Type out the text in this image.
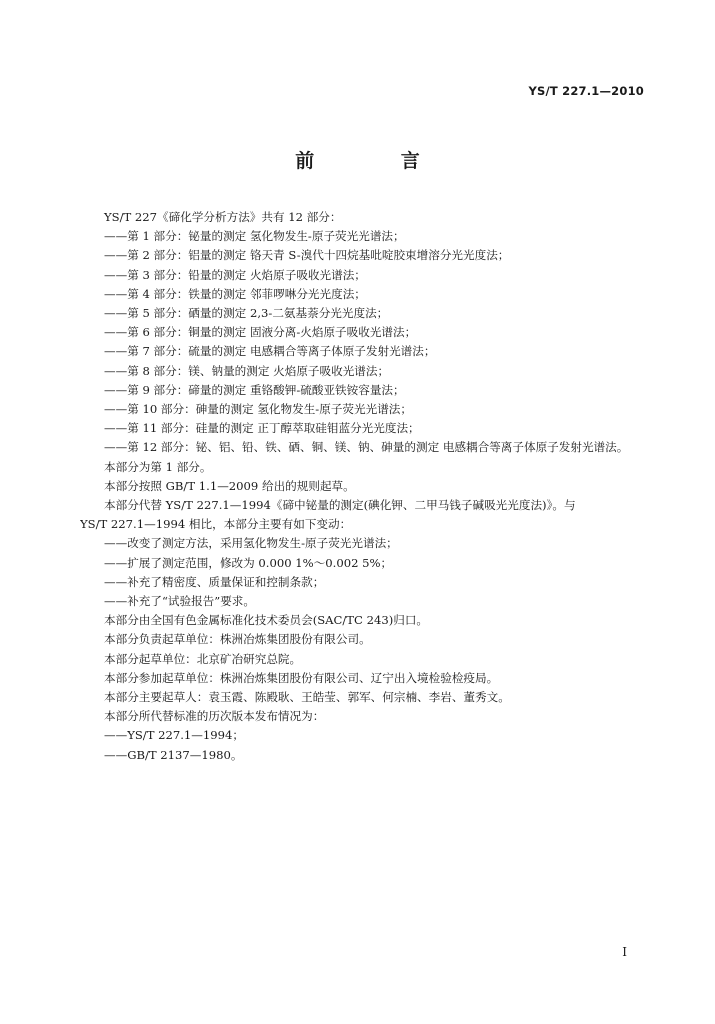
YS/T 227.1—2010
前 言
YS/T 227《碲化学分析方法》共有 12 部分：
——第 1 部分：铋量的测定 氢化物发生-原子荧光光谱法；
——第 2 部分：铝量的测定 铬天青 S-溴代十四烷基吡啶胶束增溶分光光度法；
——第 3 部分：铅量的测定 火焰原子吸收光谱法；
——第 4 部分：铁量的测定 邻菲啰啉分光光度法；
——第 5 部分：硒量的测定 2,3-二氨基萘分光光度法；
——第 6 部分：铜量的测定 固液分离-火焰原子吸收光谱法；
——第 7 部分：硫量的测定 电感耦合等离子体原子发射光谱法；
——第 8 部分：镁、钠量的测定 火焰原子吸收光谱法；
——第 9 部分：碲量的测定 重铬酸钾-硫酸亚铁铵容量法；
——第 10 部分：砷量的测定 氢化物发生-原子荧光光谱法；
——第 11 部分：硅量的测定 正丁醇萃取硅钼蓝分光光度法；
——第 12 部分：铋、铝、铅、铁、硒、铜、镁、钠、砷量的测定 电感耦合等离子体原子发射光谱法。
本部分为第 1 部分。
本部分按照 GB/T 1.1—2009 给出的规则起草。
本部分代替 YS/T 227.1—1994《碲中铋量的测定(碘化钾、二甲马钱子碱吸光光度法)》。与
YS/T 227.1—1994 相比，本部分主要有如下变动：
——改变了测定方法，采用氢化物发生-原子荧光光谱法；
——扩展了测定范围，修改为 0.000 1%～0.002 5%；
——补充了精密度、质量保证和控制条款；
——补充了“试验报告”要求。
本部分由全国有色金属标准化技术委员会(SAC/TC 243)归口。
本部分负责起草单位：株洲冶炼集团股份有限公司。
本部分起草单位：北京矿冶研究总院。
本部分参加起草单位：株洲冶炼集团股份有限公司、辽宁出入境检验检疫局。
本部分主要起草人：袁玉霞、陈殿耿、王皓莹、郭军、何宗楠、李岩、董秀文。
本部分所代替标准的历次版本发布情况为：
——YS/T 227.1—1994；
——GB/T 2137—1980。
I
